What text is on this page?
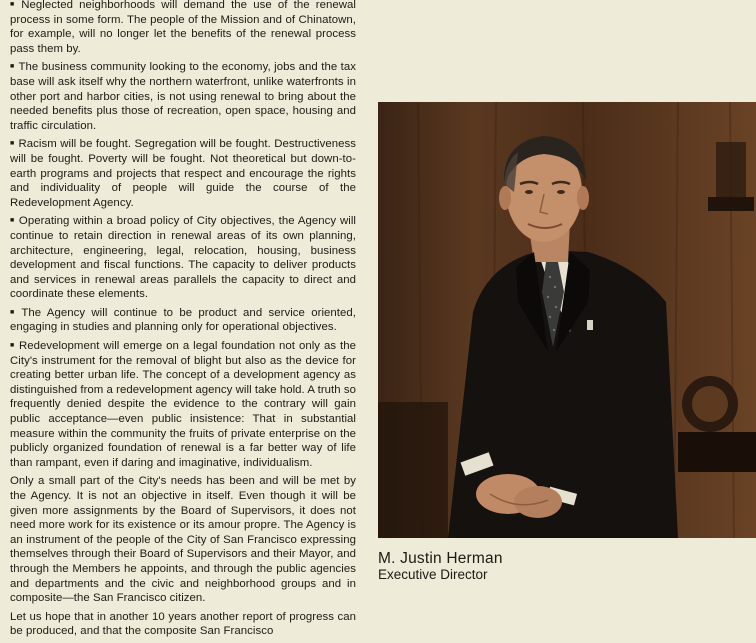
■ Neglected neighborhoods will demand the use of the renewal process in some form. The people of the Mission and of Chinatown, for example, will no longer let the benefits of the renewal process pass them by.

■ The business community looking to the economy, jobs and the tax base will ask itself why the northern waterfront, unlike waterfronts in other port and harbor cities, is not using renewal to bring about the needed benefits plus those of recreation, open space, housing and traffic circulation.

■ Racism will be fought. Segregation will be fought. Destructiveness will be fought. Poverty will be fought. Not theoretical but down-to-earth programs and projects that respect and encourage the rights and individuality of people will guide the course of the Redevelopment Agency.

■ Operating within a broad policy of City objectives, the Agency will continue to retain direction in renewal areas of its own planning, architecture, engineering, legal, relocation, housing, business development and fiscal functions. The capacity to deliver products and services in renewal areas parallels the capacity to direct and coordinate these elements.

■ The Agency will continue to be product and service oriented, engaging in studies and planning only for operational objectives.

■ Redevelopment will emerge on a legal foundation not only as the City's instrument for the removal of blight but also as the device for creating better urban life. The concept of a development agency as distinguished from a redevelopment agency will take hold. A truth so frequently denied despite the evidence to the contrary will gain public acceptance—even public insistence: That in substantial measure within the community the fruits of private enterprise on the publicly organized foundation of renewal is a far better way of life than rampant, even if daring and imaginative, individualism.

Only a small part of the City's needs has been and will be met by the Agency. It is not an objective in itself. Even though it will be given more assignments by the Board of Supervisors, it does not need more work for its existence or its amour propre. The Agency is an instrument of the people of the City of San Francisco expressing themselves through their Board of Supervisors and their Mayor, and through the Members he appoints, and through the public agencies and departments and the civic and neighborhood groups and in composite—the San Francisco citizen.

Let us hope that in another 10 years another report of progress can be produced, and that the composite San Francisco

M. Justin Herman
Executive Director
